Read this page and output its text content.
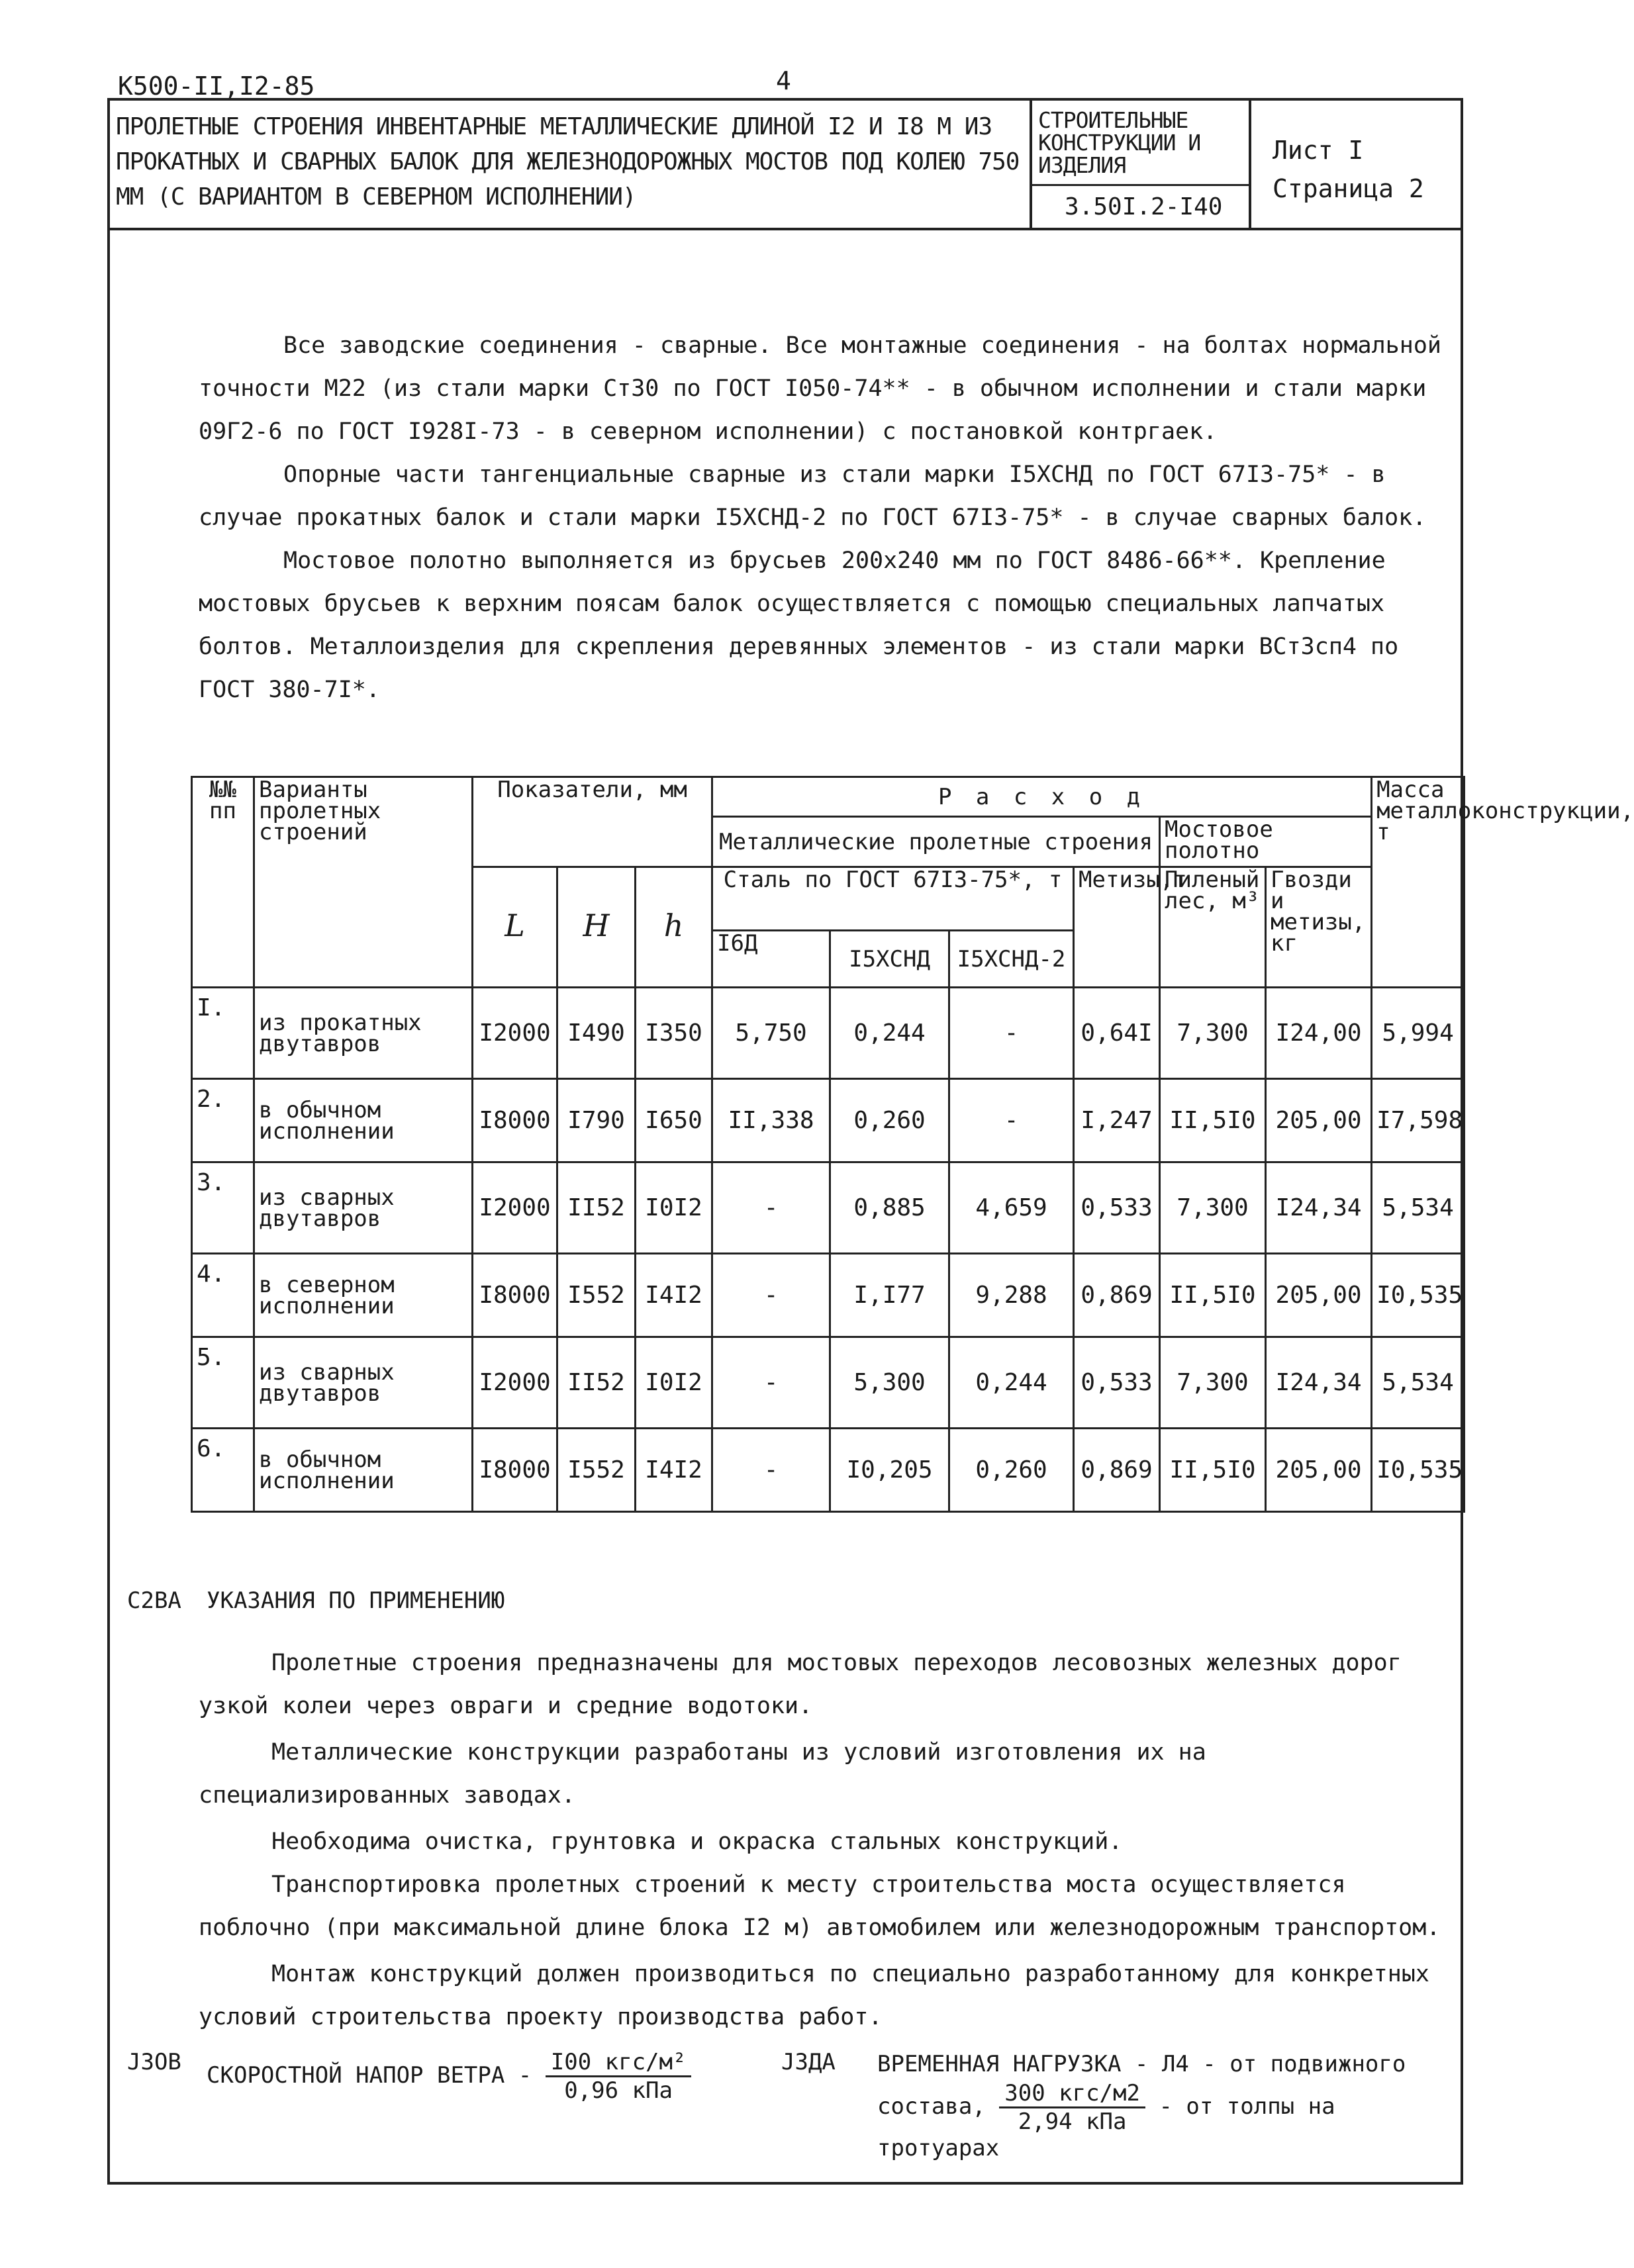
К500-II,I2-85	4
ПРОЛЕТНЫЕ СТРОЕНИЯ ИНВЕНТАРНЫЕ МЕТАЛЛИЧЕСКИЕ ДЛИНОЙ I2 И I8 М ИЗ ПРОКАТНЫХ И СВАРНЫХ БАЛОК ДЛЯ ЖЕЛЕЗНОДОРОЖНЫХ МОСТОВ ПОД КОЛЕЮ 750 ММ (С ВАРИАНТОМ В СЕВЕРНОМ ИСПОЛНЕНИИ)
СТРОИТЕЛЬНЫЕ КОНСТРУКЦИИ И ИЗДЕЛИЯ
3.50I.2-I40
Лист I
Страница 2
Все заводские соединения - сварные. Все монтажные соединения - на болтах нормальной точности М22 (из стали марки Ст30 по ГОСТ I050-74** - в обычном исполнении и стали марки 09Г2-6 по ГОСТ I928I-73 - в северном исполнении) с постановкой контргаек.
Опорные части тангенциальные сварные из стали марки I5ХСНД по ГОСТ 67I3-75* - в случае прокатных балок и стали марки I5ХСНД-2 по ГОСТ 67I3-75* - в случае сварных балок.
Мостовое полотно выполняется из брусьев 200х240 мм по ГОСТ 8486-66**. Крепление мостовых брусьев к верхним поясам балок осуществляется с помощью специальных лапчатых болтов. Металлоизделия для скрепления деревянных элементов - из стали марки ВСт3сп4 по ГОСТ 380-7I*.
№№ пп	Варианты пролетных строений	Показатели, мм			Р а с х о д						Масса металлоконструкции, т
					Металлические пролетные строения				Мостовое полотно		
		L	H	h	Сталь по ГОСТ 67I3-75*, т			Метизы,т	Пиленый лес, м³	Гвозди и метизы, кг	
					I6Д	I5ХСНД	I5ХСНД-2				
I.	из прокатных двутавров	I2000	I490	I350	5,750	0,244	-	0,64I	7,300	I24,00	5,994
2.	в обычном исполнении	I8000	I790	I650	II,338	0,260	-	I,247	II,5I0	205,00	I7,598
3.	из сварных двутавров	I2000	II52	I0I2	-	0,885	4,659	0,533	7,300	I24,34	5,534
4.	в северном исполнении	I8000	I552	I4I2	-	I,I77	9,288	0,869	II,5I0	205,00	I0,535
5.	из сварных двутавров	I2000	II52	I0I2	-	5,300	0,244	0,533	7,300	I24,34	5,534
6.	в обычном исполнении	I8000	I552	I4I2	-	I0,205	0,260	0,869	II,5I0	205,00	I0,535
С2ВА УКАЗАНИЯ ПО ПРИМЕНЕНИЮ
Пролетные строения предназначены для мостовых переходов лесовозных железных дорог узкой колеи через овраги и средние водотоки.
Металлические конструкции разработаны из условий изготовления их на специализированных заводах.
Необходима очистка, грунтовка и окраска стальных конструкций.
Транспортировка пролетных строений к месту строительства моста осуществляется поблочно (при максимальной длине блока I2 м) автомобилем или железнодорожным транспортом.
Монтаж конструкций должен производиться по специально разработанному для конкретных условий строительства проекту производства работ.
J3ОВ СКОРОСТНОЙ НАПОР ВЕТРА - $\frac{\text{I00 кгс/м²}}{\text{0,96 кПа}}$	J3ДА ВРЕМЕННАЯ НАГРУЗКА - Л4 - от подвижного
состава, $\frac{\text{300 кгс/м2}}{\text{2,94 кПа}}$ - от толпы на тротуарах
